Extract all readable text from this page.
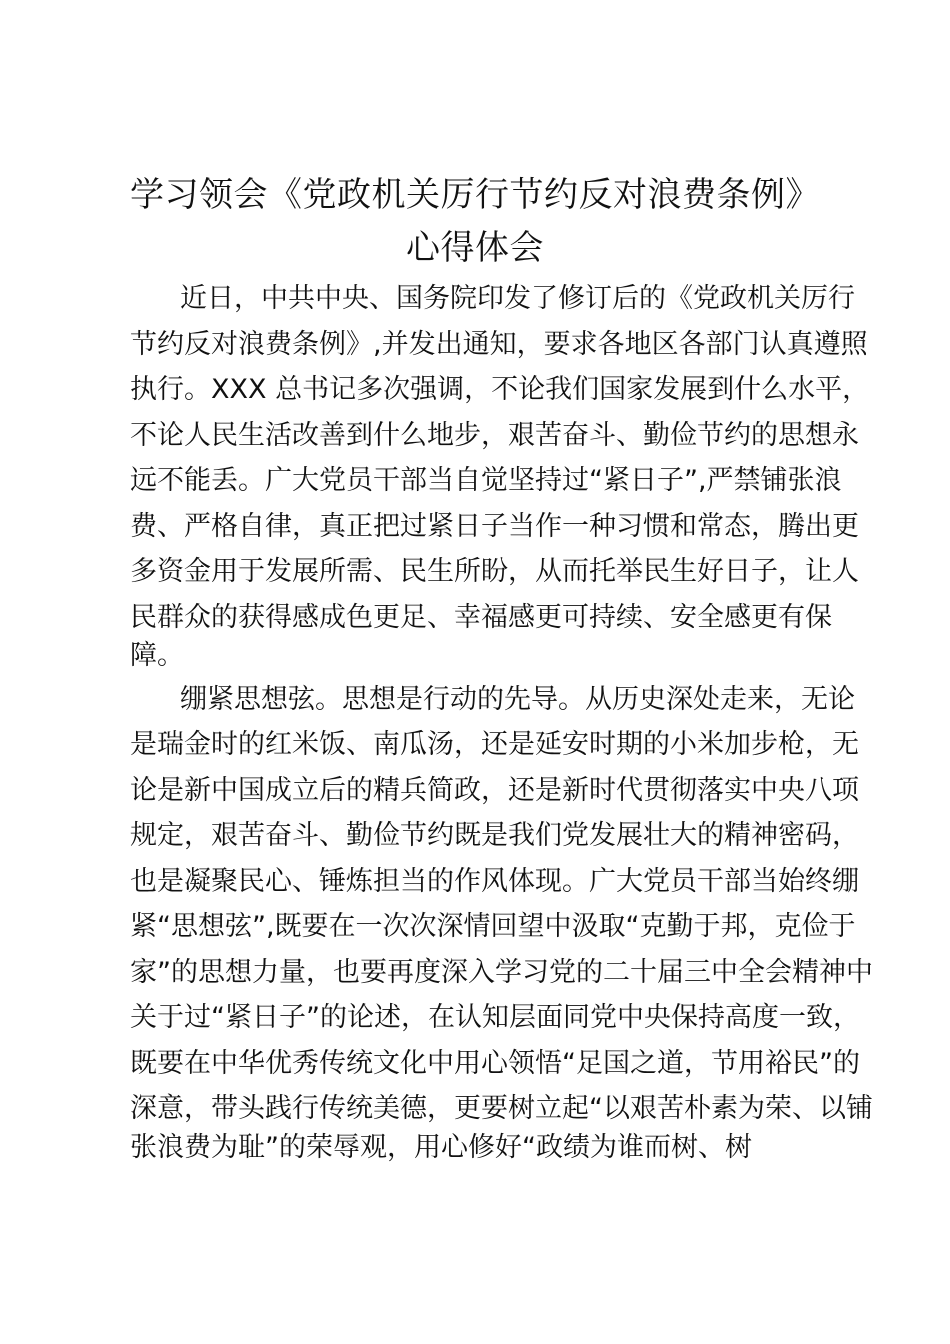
学习领会《党政机关厉行节约反对浪费条例》
心得体会

近日，中共中央、国务院印发了修订后的《党政机关厉行

节约反对浪费条例》,并发出通知，要求各地区各部门认真遵照

执行。XXX 总书记多次强调，不论我们国家发展到什么水平，

不论人民生活改善到什么地步，艰苦奋斗、勤俭节约的思想永

远不能丢。广大党员干部当自觉坚持过“紧日子”,严禁铺张浪

费、严格自律，真正把过紧日子当作一种习惯和常态，腾出更

多资金用于发展所需、民生所盼，从而托举民生好日子，让人

民群众的获得感成色更足、幸福感更可持续、安全感更有保

障。

绷紧思想弦。思想是行动的先导。从历史深处走来，无论

是瑞金时的红米饭、南瓜汤，还是延安时期的小米加步枪，无

论是新中国成立后的精兵简政，还是新时代贯彻落实中央八项

规定，艰苦奋斗、勤俭节约既是我们党发展壮大的精神密码，

也是凝聚民心、锤炼担当的作风体现。广大党员干部当始终绷

紧“思想弦”,既要在一次次深情回望中汲取“克勤于邦，克俭于

家”的思想力量，也要再度深入学习党的二十届三中全会精神中

关于过“紧日子”的论述，在认知层面同党中央保持高度一致，

既要在中华优秀传统文化中用心领悟“足国之道，节用裕民”的

深意，带头践行传统美德，更要树立起“以艰苦朴素为荣、以铺

张浪费为耻”的荣辱观，用心修好“政绩为谁而树、树
